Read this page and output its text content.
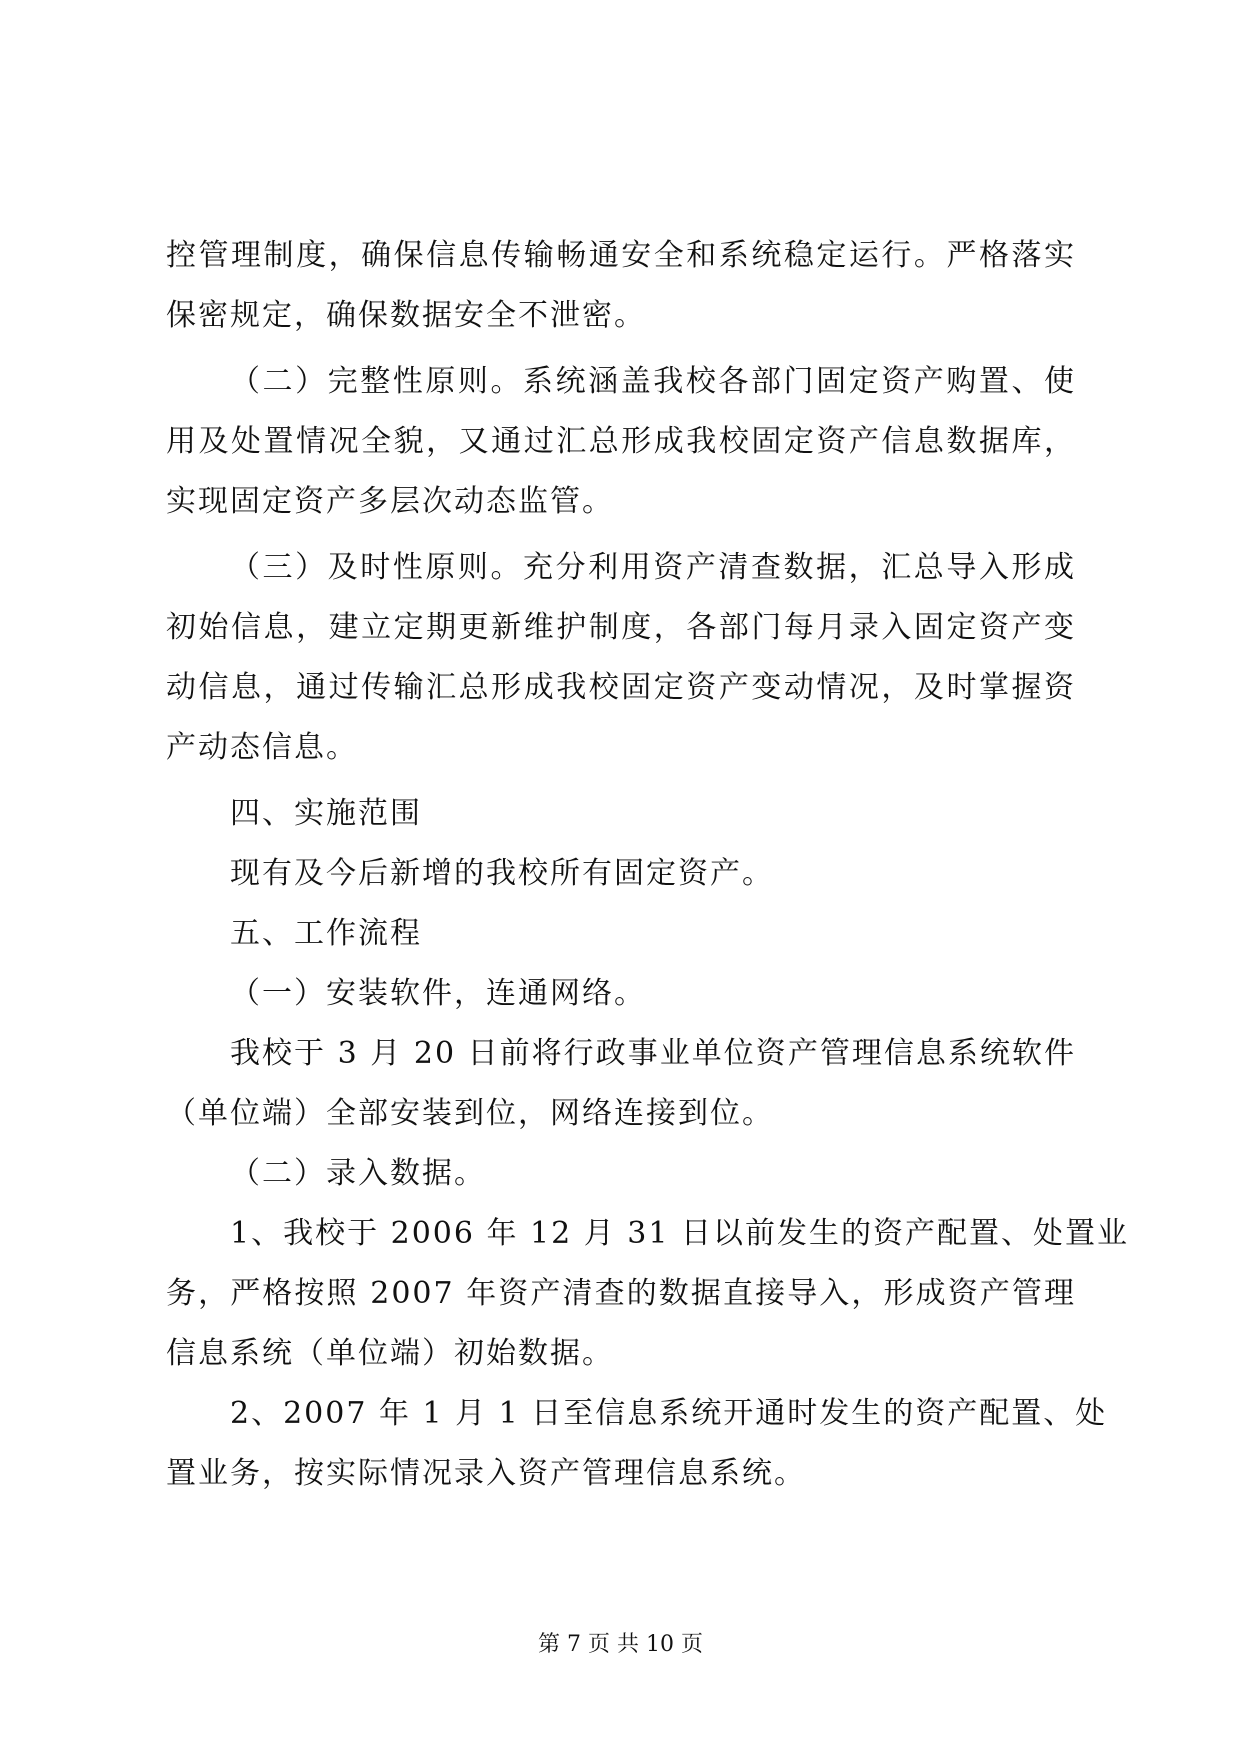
控管理制度，确保信息传输畅通安全和系统稳定运行。严格落实
保密规定，确保数据安全不泄密。
（二）完整性原则。系统涵盖我校各部门固定资产购置、使
用及处置情况全貌，又通过汇总形成我校固定资产信息数据库，
实现固定资产多层次动态监管。
（三）及时性原则。充分利用资产清查数据，汇总导入形成
初始信息，建立定期更新维护制度，各部门每月录入固定资产变
动信息，通过传输汇总形成我校固定资产变动情况，及时掌握资
产动态信息。
四、实施范围
现有及今后新增的我校所有固定资产。
五、工作流程
（一）安装软件，连通网络。
我校于 3 月 20 日前将行政事业单位资产管理信息系统软件
（单位端）全部安装到位，网络连接到位。
（二）录入数据。
1、我校于 2006 年 12 月 31 日以前发生的资产配置、处置业
务，严格按照 2007 年资产清查的数据直接导入，形成资产管理
信息系统（单位端）初始数据。
2、2007 年 1 月 1 日至信息系统开通时发生的资产配置、处
置业务，按实际情况录入资产管理信息系统。
第 7 页 共 10 页
